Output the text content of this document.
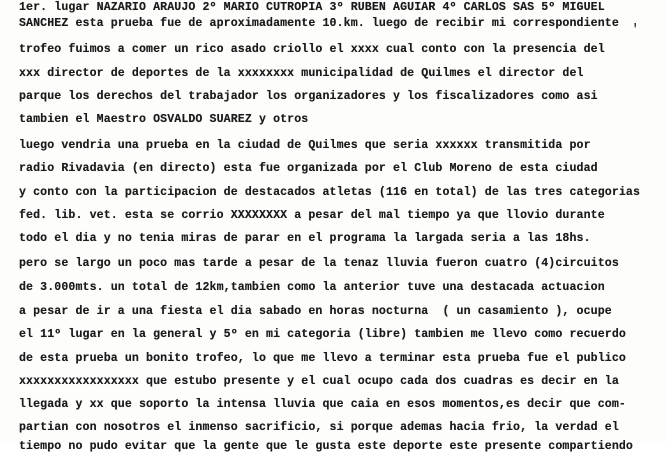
1er. lugar NAZARIO ARAUJO 2º MARIO CUTROPIA 3º RUBEN AGUIAR 4º CARLOS SAS 5º MIGUEL
SANCHEZ esta prueba fue de aproximadamente 10.km. luego de recibir mi correspondiente
trofeo fuimos a comer un rico asado criollo el xxxx cual conto con la presencia del
xxx director de deportes de la xxxxxxxx municipalidad de Quilmes el director del
parque los derechos del trabajador los organizadores y los fiscalizadores como asi
tambien el Maestro OSVALDO SUAREZ y otros
luego vendria una prueba en la ciudad de Quilmes que seria xxxxxx transmitida por
radio Rivadavia (en directo) esta fue organizada por el Club Moreno de esta ciudad
y conto con la participacion de destacados atletas (116 en total) de las tres categorias
fed. lib. vet. esta se corrio XXXXXXXX a pesar del mal tiempo ya que llovio durante
todo el dia y no tenia miras de parar en el programa la largada seria a las 18hs.
pero se largo un poco mas tarde a pesar de la tenaz lluvia fueron cuatro (4)circuitos
de 3.000mts. un total de 12km,tambien como la anterior tuve una destacada actuacion
a pesar de ir a una fiesta el dia sabado en horas nocturna  ( un casamiento ), ocupe
el 11º lugar en la general y 5º en mi categoria (libre) tambien me llevo como recuerdo
de esta prueba un bonito trofeo, lo que me llevo a terminar esta prueba fue el publico
xxxxxxxxxxxxxxxxx que estubo presente y el cual ocupo cada dos cuadras es decir en la
llegada y xx que soporto la intensa lluvia que caia en esos momentos,es decir que com-
partian con nosotros el inmenso sacrificio, si porque ademas hacia frio, la verdad el
tiempo no pudo evitar que la gente que le gusta este deporte este presente compartiendo
'
